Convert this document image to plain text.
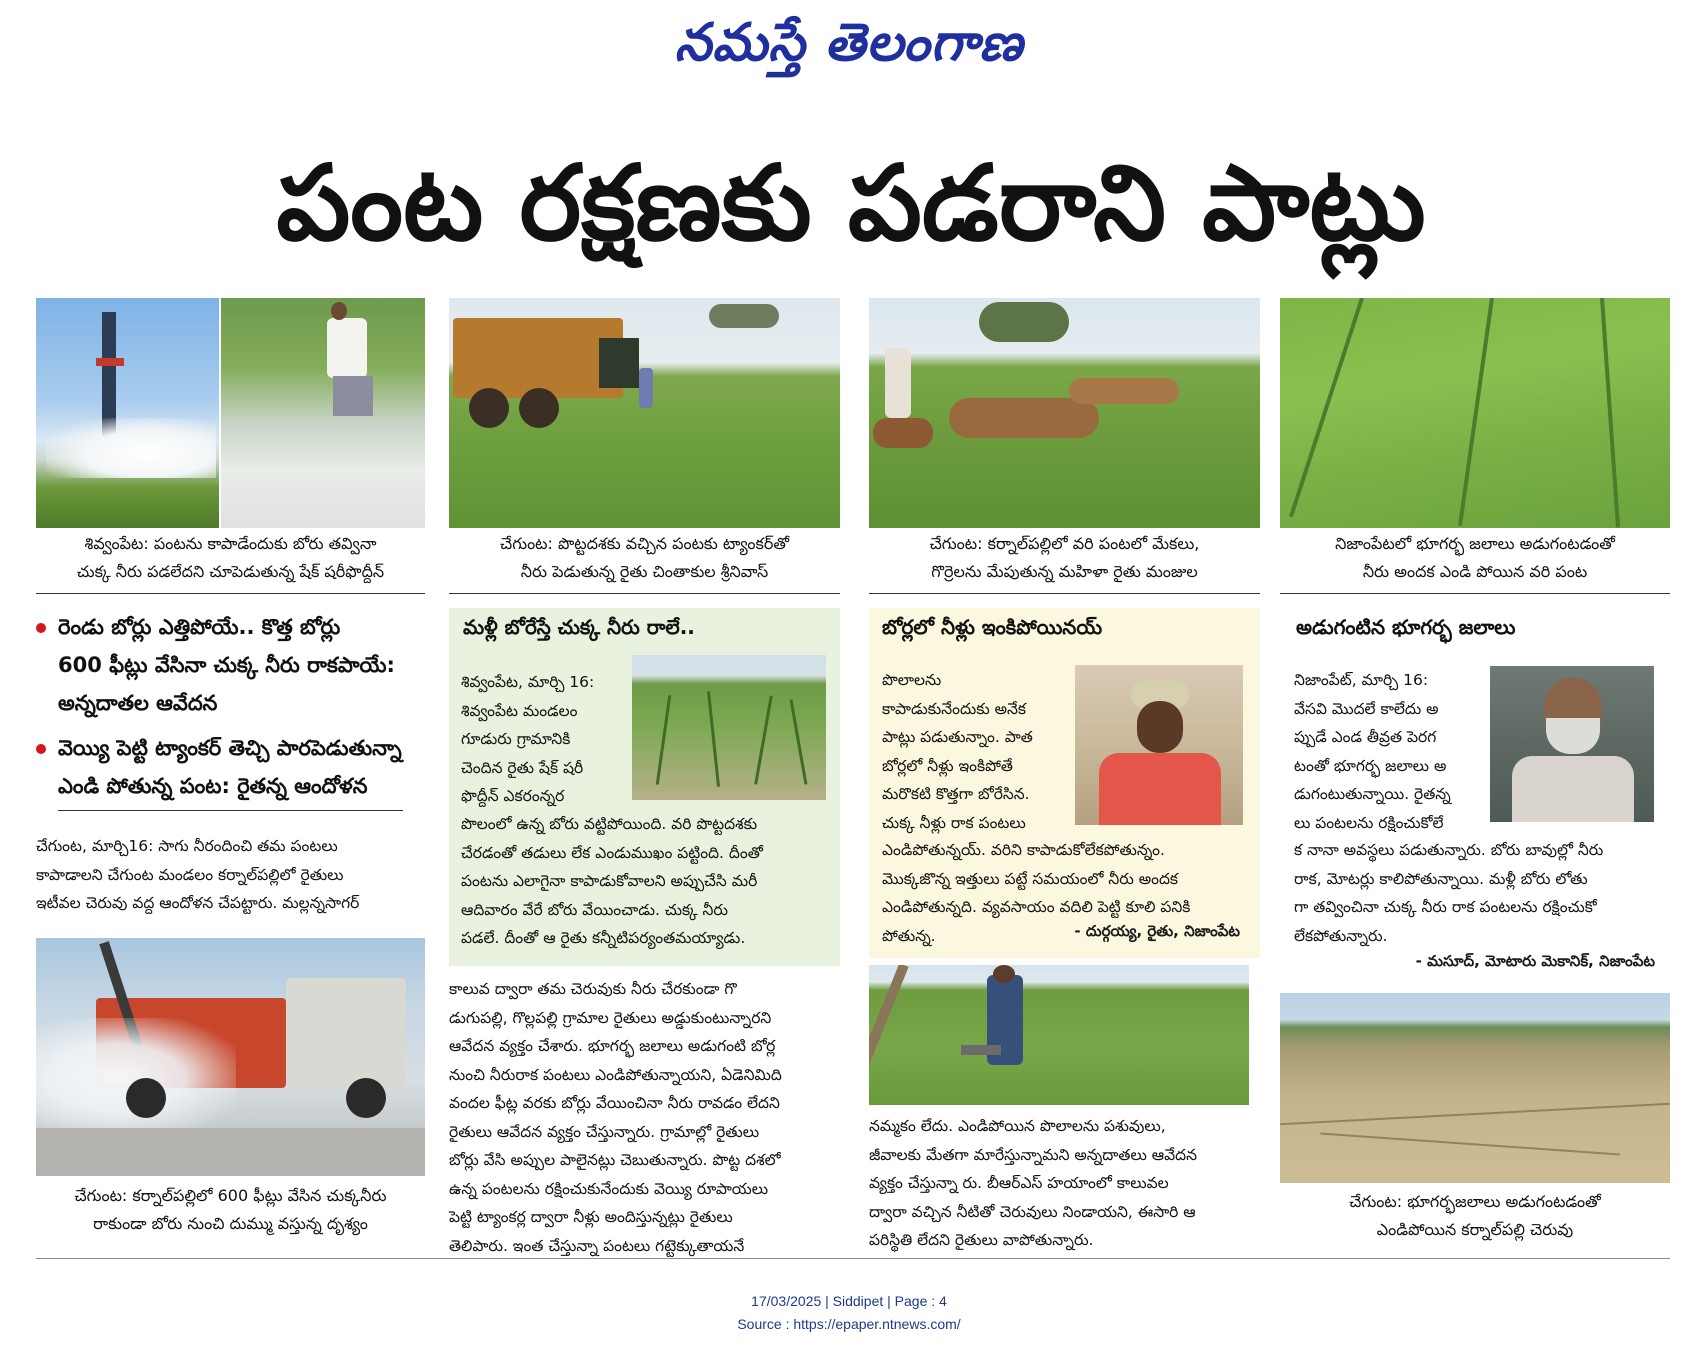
నమస్తే తెలంగాణ
పంట రక్షణకు పడరాని పాట్లు
శివ్వంపేట: పంటను కాపాడేందుకు బోరు తవ్వినా
చుక్క నీరు పడలేదని చూపెడుతున్న షేక్ షరీఫొద్దీన్
చేగుంట: పొట్టదశకు వచ్చిన పంటకు ట్యాంకర్‌తో
నీరు పెడుతున్న రైతు చింతాకుల శ్రీనివాస్
చేగుంట: కర్నాల్‌పల్లిలో వరి పంటలో మేకలు,
గొర్రెలను మేపుతున్న మహిళా రైతు మంజుల
నిజాంపేటలో భూగర్భ జలాలు అడుగంటడంతో
నీరు అందక ఎండి పోయిన వరి పంట
రెండు బోర్లు ఎత్తిపోయే.. కొత్త బోర్లు
600 ఫీట్లు వేసినా చుక్క నీరు రాకపాయే:
అన్నదాతల ఆవేదన
వెయ్యి పెట్టి ట్యాంకర్ తెచ్చి పారపెడుతున్నా
ఎండి పోతున్న పంట: రైతన్న ఆందోళన
చేగుంట, మార్చి16: సాగు నీరందించి తమ పంటలు
కాపాడాలని చేగుంట మండలం కర్నాల్‌పల్లిలో రైతులు
ఇటీవల చెరువు వద్ద ఆందోళన చేపట్టారు. మల్లన్నసాగర్
చేగుంట: కర్నాల్‌పల్లిలో 600 ఫీట్లు వేసిన చుక్కనీరు
రాకుండా బోరు నుంచి దుమ్ము వస్తున్న దృశ్యం
మళ్లీ బోరేస్తే చుక్క నీరు రాలే..
శివ్వంపేట, మార్చి 16:
శివ్వంపేట మండలం
గూడురు గ్రామానికి
చెందిన రైతు షేక్ షరీ
ఫొద్దీన్ ఎకరంన్నర
పొలంలో ఉన్న బోరు వట్టిపోయింది. వరి పొట్టదశకు
చేరడంతో తడులు లేక ఎండుముఖం పట్టింది. దీంతో
పంటను ఎలాగైనా కాపాడుకోవాలని అప్పుచేసి మరీ
ఆదివారం వేరే బోరు వేయించాడు. చుక్క నీరు
పడలే. దీంతో ఆ రైతు కన్నీటిపర్యంతమయ్యాడు.
కాలువ ద్వారా తమ చెరువుకు నీరు చేరకుండా గొ
డుగుపల్లి, గొల్లపల్లి గ్రామాల రైతులు అడ్డుకుంటున్నారని
ఆవేదన వ్యక్తం చేశారు. భూగర్భ జలాలు అడుగంటి బోర్ల
నుంచి నీరురాక పంటలు ఎండిపోతున్నాయని, ఏడెనిమిది
వందల ఫీట్ల వరకు బోర్లు వేయించినా నీరు రావడం లేదని
రైతులు ఆవేదన వ్యక్తం చేస్తున్నారు. గ్రామాల్లో రైతులు
బోర్లు వేసి అప్పుల పాలైనట్లు చెబుతున్నారు. పొట్ట దశలో
ఉన్న పంటలను రక్షించుకునేందుకు వెయ్యి రూపాయలు
పెట్టి ట్యాంకర్ల ద్వారా నీళ్లు అందిస్తున్నట్లు రైతులు
తెలిపారు. ఇంత చేస్తున్నా పంటలు గట్టెక్కుతాయనే
బోర్లలో నీళ్లు ఇంకిపోయినయ్
పొలాలను
కాపాడుకునేందుకు అనేక
పాట్లు పడుతున్నాం. పాత
బోర్లలో నీళ్లు ఇంకిపోతే
మరొకటి కొత్తగా బోరేసిన.
చుక్క నీళ్లు రాక పంటలు
ఎండిపోతున్నయ్. వరిని కాపాడుకోలేకపోతున్నం.
మొక్కజొన్న ఇత్తులు పట్టే సమయంలో నీరు అందక
ఎండిపోతున్నది. వ్యవసాయం వదిలి పెట్టి కూలి పనికి
పోతున్న.	- దుర్గయ్య, రైతు, నిజాంపేట
నమ్మకం లేదు. ఎండిపోయిన పొలాలను పశువులు,
జీవాలకు మేతగా మారేస్తున్నామని అన్నదాతలు ఆవేదన
వ్యక్తం చేస్తున్నా రు. బీఆర్ఎస్ హయాంలో కాలువల
ద్వారా వచ్చిన నీటితో చెరువులు నిండాయని, ఈసారి ఆ
పరిస్థితి లేదని రైతులు వాపోతున్నారు.
అడుగంటిన భూగర్భ జలాలు
నిజాంపేట్, మార్చి 16:
వేసవి మొదలే కాలేదు అ
ప్పుడే ఎండ తీవ్రత పెరగ
టంతో భూగర్భ జలాలు అ
డుగంటుతున్నాయి. రైతన్న
లు పంటలను రక్షించుకోలే
క నానా అవస్థలు పడుతున్నారు. బోరు బావుల్లో నీరు
రాక, మోటర్లు కాలిపోతున్నాయి. మళ్లీ బోరు లోతు
గా తవ్వించినా చుక్క నీరు రాక పంటలను రక్షించుకో
లేకపోతున్నారు.
- మసూద్, మోటారు మెకానిక్, నిజాంపేట
చేగుంట: భూగర్భజలాలు అడుగంటడంతో
ఎండిపోయిన కర్నాల్‌పల్లి చెరువు
17/03/2025 | Siddipet | Page : 4
Source : https://epaper.ntnews.com/
